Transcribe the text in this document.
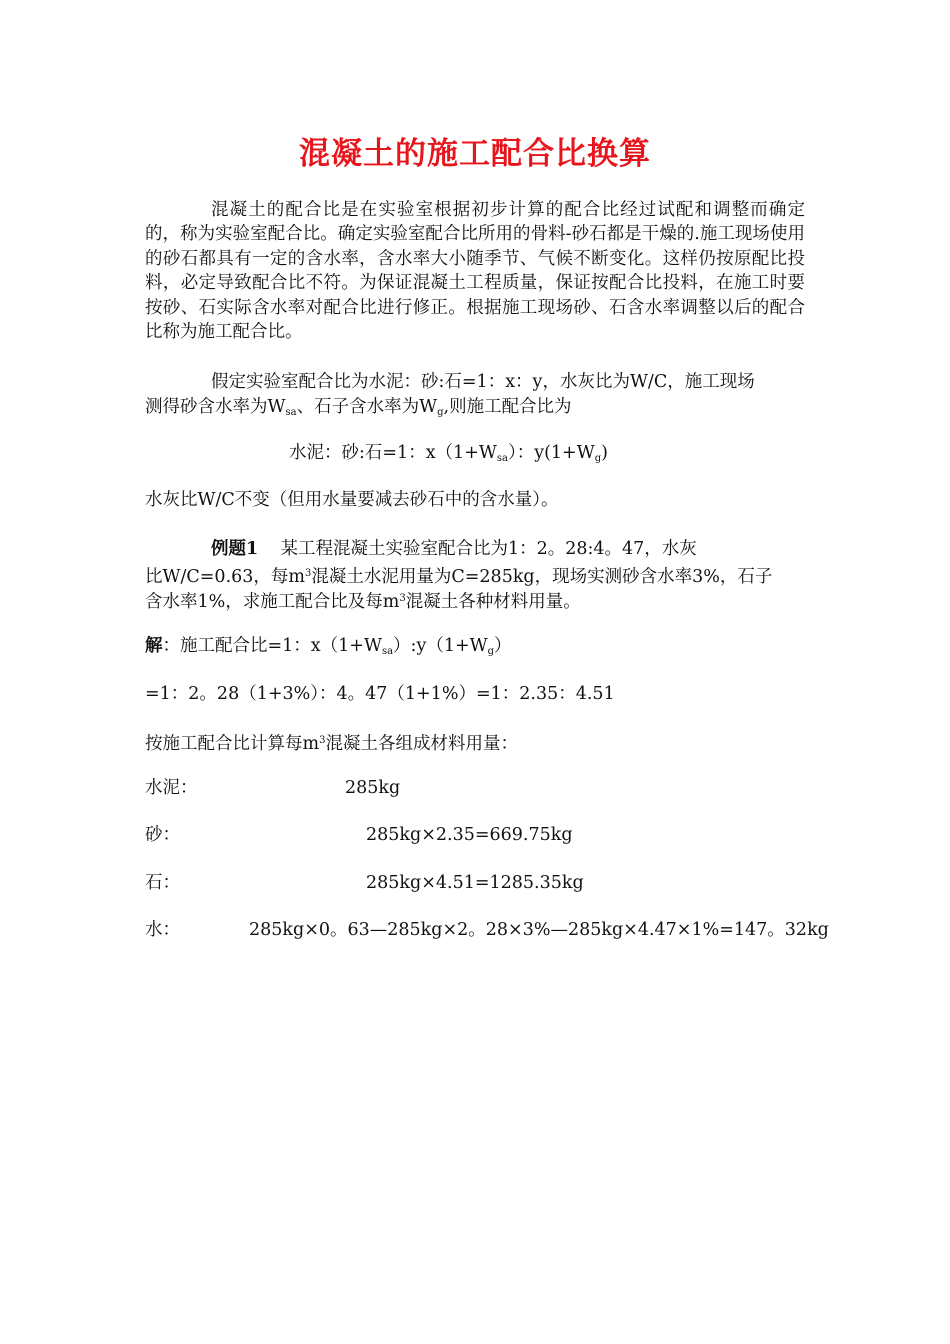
混凝土的施工配合比换算
混凝土的配合比是在实验室根据初步计算的配合比经过试配和调整而确定的，称为实验室配合比。确定实验室配合比所用的骨料-砂石都是干燥的.施工现场使用的砂石都具有一定的含水率，含水率大小随季节、气候不断变化。这样仍按原配比投料，必定导致配合比不符。为保证混凝土工程质量，保证按配合比投料，在施工时要按砂、石实际含水率对配合比进行修正。根据施工现场砂、石含水率调整以后的配合比称为施工配合比。
假定实验室配合比为水泥：砂:石=1：x：y，水灰比为W/C，施工现场
测得砂含水率为$W_{sa}$、石子含水率为$W_g$,则施工配合比为
水泥：砂:石=1：$x(1+W_{sa})$：$y(1+W_g)$
水灰比W/C不变（但用水量要减去砂石中的含水量）。
例题1 某工程混凝土实验室配合比为1：2。28:4。47，水灰
比W/C=0.63，每$m^3$混凝土水泥用量为C=285kg，现场实测砂含水率3%，石子
含水率1%，求施工配合比及每$m^3$混凝土各种材料用量。
解：施工配合比=1：$x(1+W_{sa}):y(1+W_g)$
=1：2。28（1+3%）：4。47（1+1%）=1：2.35：4.51
按施工配合比计算每$m^3$混凝土各组成材料用量：
水泥：	285kg
砂：	285kg×2.35=669.75kg
石：	285kg×4.51=1285.35kg
水：	285kg×0。63—285kg×2。28×3%—285kg×4.47×1%=147。32kg
